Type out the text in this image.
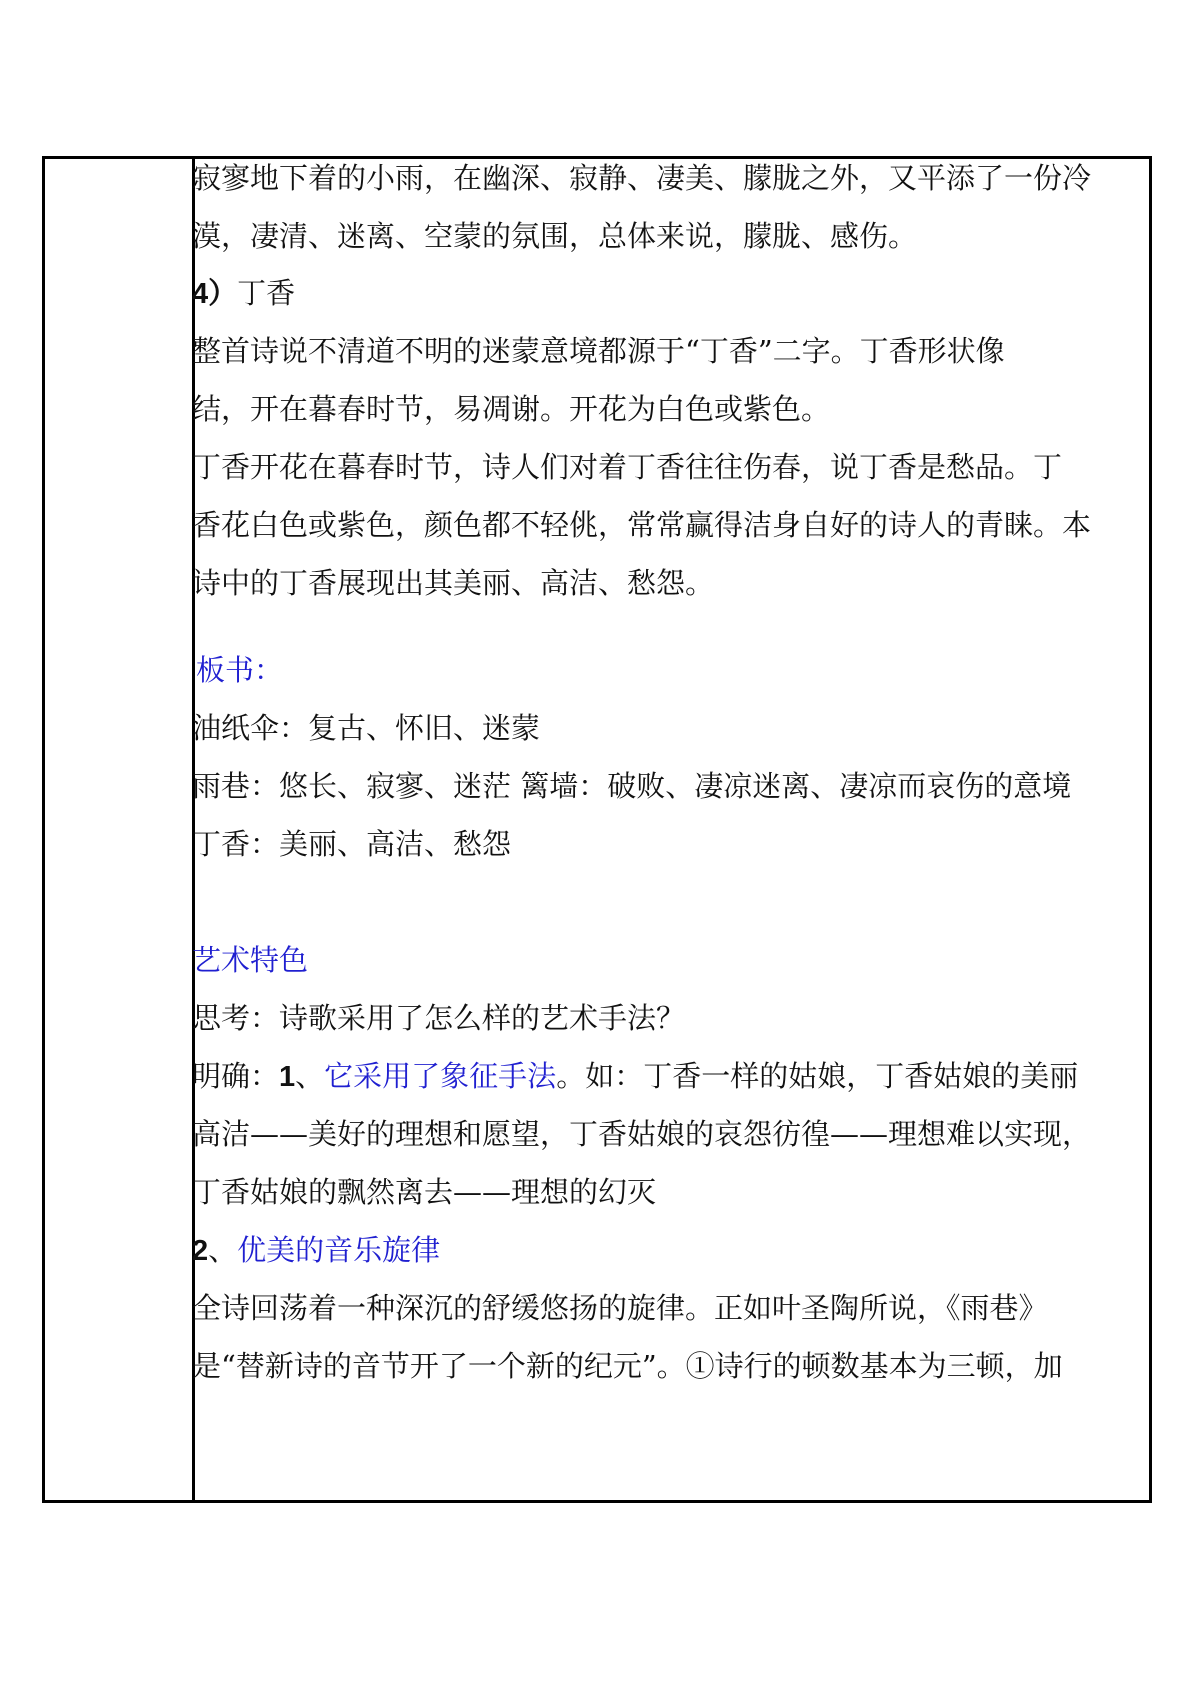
寂寥地下着的小雨，在幽深、寂静、凄美、朦胧之外，又平添了一份冷
漠，凄清、迷离、空蒙的氛围，总体来说，朦胧、感伤。
4）丁香
整首诗说不清道不明的迷蒙意境都源于“丁香”二字。丁香形状像
结，开在暮春时节，易凋谢。开花为白色或紫色。
丁香开花在暮春时节，诗人们对着丁香往往伤春，说丁香是愁品。丁
香花白色或紫色，颜色都不轻佻，常常赢得洁身自好的诗人的青睐。本
诗中的丁香展现出其美丽、高洁、愁怨。
板书：
油纸伞：复古、怀旧、迷蒙
雨巷：悠长、寂寥、迷茫 篱墙：破败、凄凉迷离、凄凉而哀伤的意境
丁香：美丽、高洁、愁怨
艺术特色
思考：诗歌采用了怎么样的艺术手法？
明确：1、它采用了象征手法。如：丁香一样的姑娘，丁香姑娘的美丽
高洁——美好的理想和愿望，丁香姑娘的哀怨彷徨——理想难以实现，
丁香姑娘的飘然离去——理想的幻灭
2、优美的音乐旋律
全诗回荡着一种深沉的舒缓悠扬的旋律。正如叶圣陶所说，《雨巷》
是“替新诗的音节开了一个新的纪元”。①诗行的顿数基本为三顿，加
